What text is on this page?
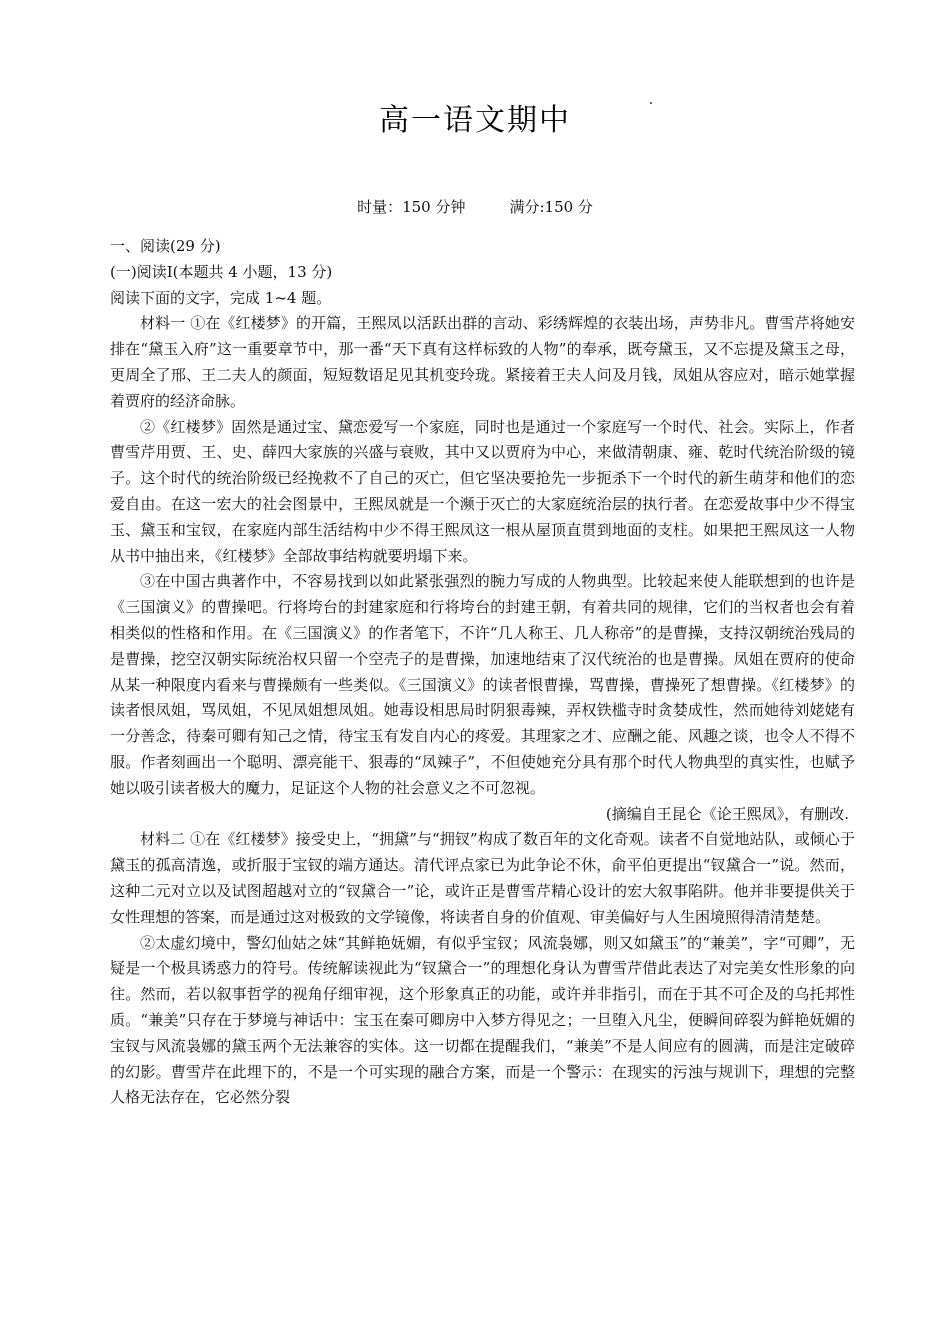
高一语文期中
时量：150 分钟	满分:150 分

一、阅读(29 分)

(一)阅读Ⅰ(本题共 4 小题，13 分)

阅读下面的文字，完成 1~4 题。

材料一 ①在《红楼梦》的开篇，王熙凤以活跃出群的言动、彩绣辉煌的衣装出场，声势非凡。曹雪芹将她安排在“黛玉入府”这一重要章节中，那一番“天下真有这样标致的人物”的奉承，既夸黛玉，又不忘提及黛玉之母，更周全了邢、王二夫人的颜面，短短数语足见其机变玲珑。紧接着王夫人问及月钱，凤姐从容应对，暗示她掌握着贾府的经济命脉。

②《红楼梦》固然是通过宝、黛恋爱写一个家庭，同时也是通过一个家庭写一个时代、社会。实际上，作者曹雪芹用贾、王、史、薛四大家族的兴盛与衰败，其中又以贾府为中心，来做清朝康、雍、乾时代统治阶级的镜子。这个时代的统治阶级已经挽救不了自己的灭亡，但它坚决要抢先一步扼杀下一个时代的新生萌芽和他们的恋爱自由。在这一宏大的社会图景中，王熙凤就是一个濒于灭亡的大家庭统治层的执行者。在恋爱故事中少不得宝玉、黛玉和宝钗，在家庭内部生活结构中少不得王熙凤这一根从屋顶直贯到地面的支柱。如果把王熙凤这一人物从书中抽出来，《红楼梦》全部故事结构就要坍塌下来。

③在中国古典著作中，不容易找到以如此紧张强烈的腕力写成的人物典型。比较起来使人能联想到的也许是《三国演义》的曹操吧。行将垮台的封建家庭和行将垮台的封建王朝，有着共同的规律，它们的当权者也会有着相类似的性格和作用。在《三国演义》的作者笔下，不许“几人称王、几人称帝”的是曹操，支持汉朝统治残局的是曹操，挖空汉朝实际统治权只留一个空壳子的是曹操，加速地结束了汉代统治的也是曹操。凤姐在贾府的使命从某一种限度内看来与曹操颇有一些类似。《三国演义》的读者恨曹操，骂曹操，曹操死了想曹操。《红楼梦》的读者恨凤姐，骂凤姐，不见凤姐想凤姐。她毒设相思局时阴狠毒辣，弄权铁槛寺时贪婪成性，然而她待刘姥姥有一分善念，待秦可卿有知己之情，待宝玉有发自内心的疼爱。其理家之才、应酬之能、风趣之谈，也令人不得不服。作者刻画出一个聪明、漂亮能干、狠毒的“凤辣子”，不但使她充分具有那个时代人物典型的真实性，也赋予她以吸引读者极大的魔力，足证这个人物的社会意义之不可忽视。

(摘编自王昆仑《论王熙凤》，有删改.

材料二 ①在《红楼梦》接受史上，“拥黛”与“拥钗”构成了数百年的文化奇观。读者不自觉地站队，或倾心于黛玉的孤高清逸，或折服于宝钗的端方通达。清代评点家已为此争论不休，俞平伯更提出“钗黛合一”说。然而，这种二元对立以及试图超越对立的“钗黛合一”论，或许正是曹雪芹精心设计的宏大叙事陷阱。他并非要提供关于女性理想的答案，而是通过这对极致的文学镜像，将读者自身的价值观、审美偏好与人生困境照得清清楚楚。

②太虚幻境中，警幻仙姑之妹“其鲜艳妩媚，有似乎宝钗；风流袅娜，则又如黛玉”的“兼美”，字“可卿”，无疑是一个极具诱惑力的符号。传统解读视此为“钗黛合一”的理想化身认为曹雪芹借此表达了对完美女性形象的向往。然而，若以叙事哲学的视角仔细审视，这个形象真正的功能，或许并非指引，而在于其不可企及的乌托邦性质。“兼美”只存在于梦境与神话中：宝玉在秦可卿房中入梦方得见之；一旦堕入凡尘，便瞬间碎裂为鲜艳妩媚的宝钗与风流袅娜的黛玉两个无法兼容的实体。这一切都在提醒我们，“兼美”不是人间应有的圆满，而是注定破碎的幻影。曹雪芹在此埋下的，不是一个可实现的融合方案，而是一个警示：在现实的污浊与规训下，理想的完整人格无法存在，它必然分裂
